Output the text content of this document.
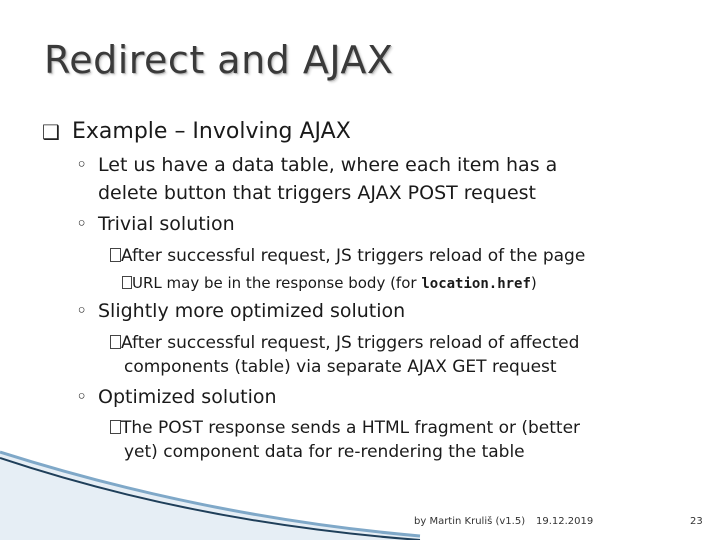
Redirect and AJAX
❑ Example – Involving AJAX
◦ Let us have a data table, where each item has a
delete button that triggers AJAX POST request
◦ Trivial solution
After successful request, JS triggers reload of the page
URL may be in the response body (for location.href)
◦ Slightly more optimized solution
After successful request, JS triggers reload of affected
components (table) via separate AJAX GET request
◦ Optimized solution
The POST response sends a HTML fragment or (better
yet) component data for re-rendering the table
by Martin Kruliš (v1.5) 19.12.2019	23
